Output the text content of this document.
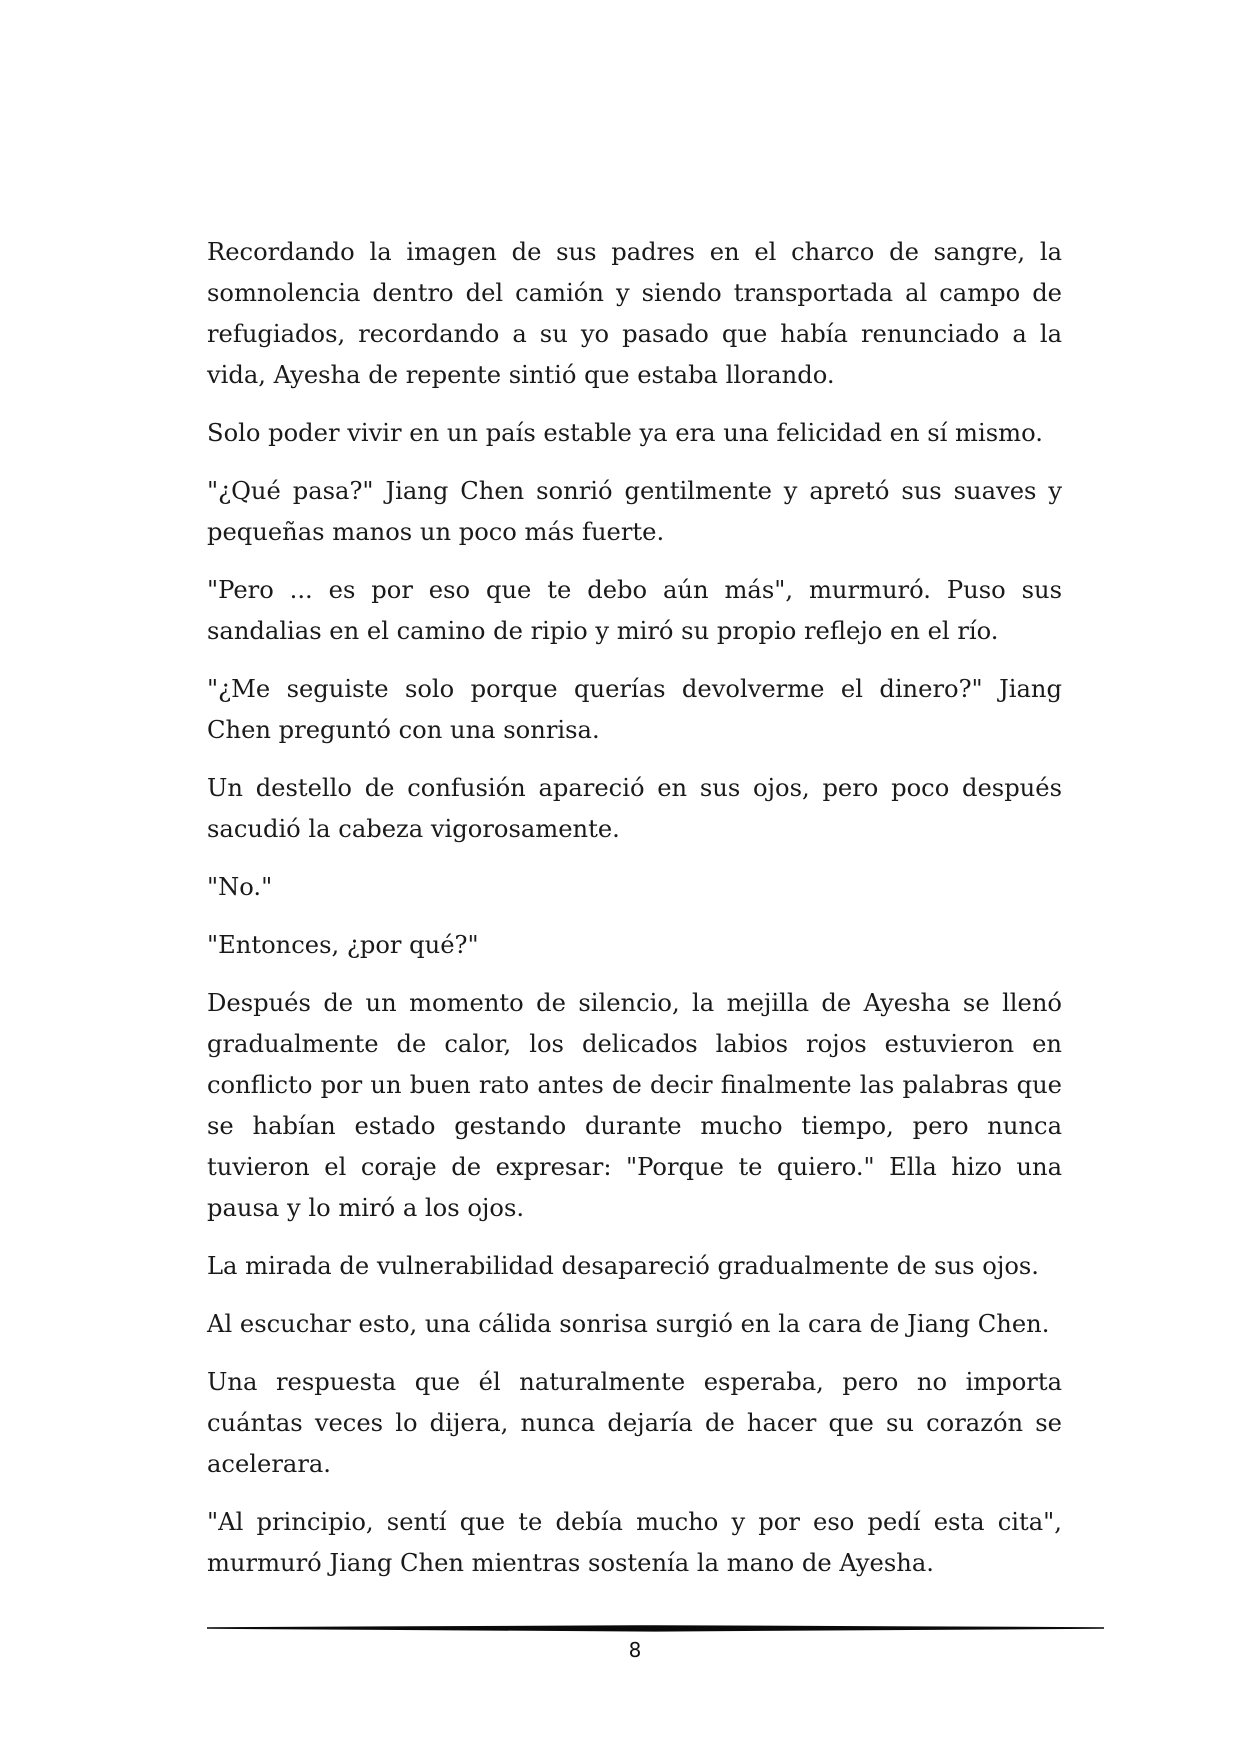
Recordando la imagen de sus padres en el charco de sangre, la somnolencia dentro del camión y siendo transportada al campo de refugiados, recordando a su yo pasado que había renunciado a la vida, Ayesha de repente sintió que estaba llorando.

Solo poder vivir en un país estable ya era una felicidad en sí mismo.

"¿Qué pasa?" Jiang Chen sonrió gentilmente y apretó sus suaves y pequeñas manos un poco más fuerte.

"Pero ... es por eso que te debo aún más", murmuró. Puso sus sandalias en el camino de ripio y miró su propio reflejo en el río.

"¿Me seguiste solo porque querías devolverme el dinero?" Jiang Chen preguntó con una sonrisa.

Un destello de confusión apareció en sus ojos, pero poco después sacudió la cabeza vigorosamente.

"No."

"Entonces, ¿por qué?"

Después de un momento de silencio, la mejilla de Ayesha se llenó gradualmente de calor, los delicados labios rojos estuvieron en conflicto por un buen rato antes de decir finalmente las palabras que se habían estado gestando durante mucho tiempo, pero nunca tuvieron el coraje de expresar: "Porque te quiero." Ella hizo una pausa y lo miró a los ojos.

La mirada de vulnerabilidad desapareció gradualmente de sus ojos.

Al escuchar esto, una cálida sonrisa surgió en la cara de Jiang Chen.

Una respuesta que él naturalmente esperaba, pero no importa cuántas veces lo dijera, nunca dejaría de hacer que su corazón se acelerara.

"Al principio, sentí que te debía mucho y por eso pedí esta cita", murmuró Jiang Chen mientras sostenía la mano de Ayesha.

8
